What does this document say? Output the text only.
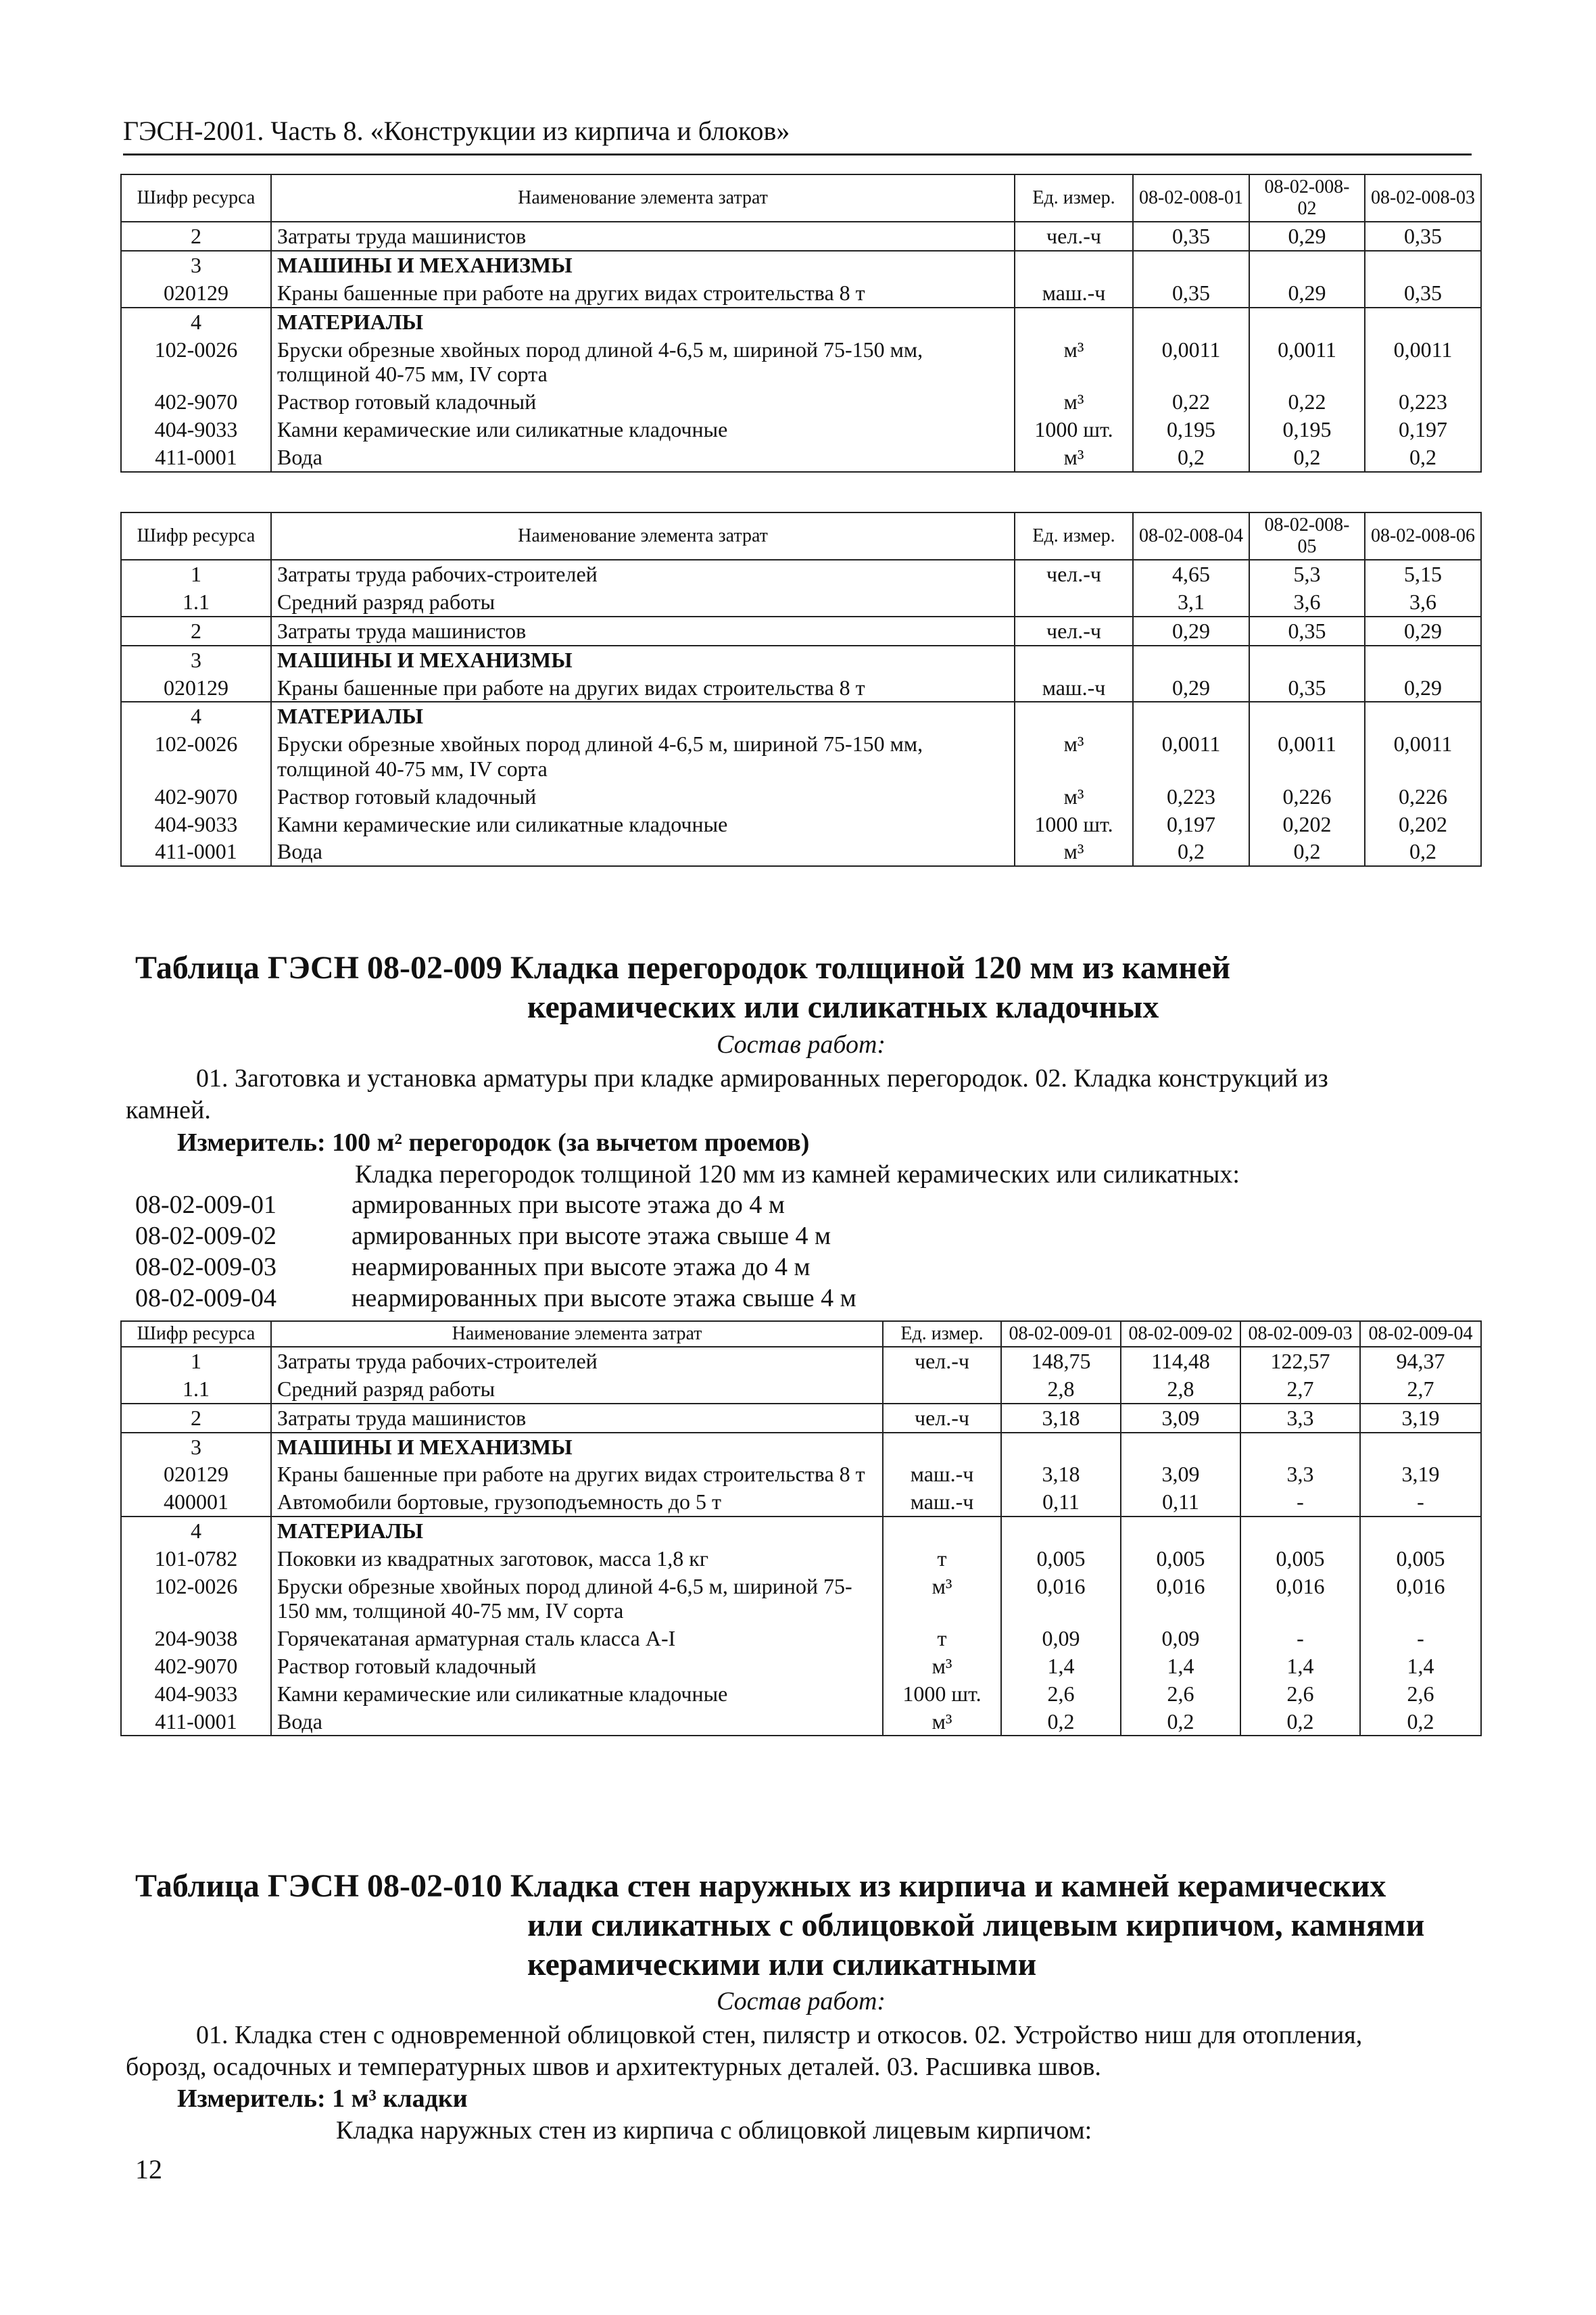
ГЭСН-2001. Часть 8. «Конструкции из кирпича и блоков»
Шифр ресурса	Наименование элемента затрат	Ед. измер.	08-02-008-01	08-02-008-02	08-02-008-03
2	Затраты труда машинистов	чел.-ч	0,35	0,29	0,35
3	МАШИНЫ И МЕХАНИЗМЫ				
020129	Краны башенные при работе на других видах строительства 8 т	маш.-ч	0,35	0,29	0,35
4	МАТЕРИАЛЫ				
102-0026	Бруски обрезные хвойных пород длиной 4-6,5 м, шириной 75-150 мм, толщиной 40-75 мм, IV сорта	м³	0,0011	0,0011	0,0011
402-9070	Раствор готовый кладочный	м³	0,22	0,22	0,223
404-9033	Камни керамические или силикатные кладочные	1000 шт.	0,195	0,195	0,197
411-0001	Вода	м³	0,2	0,2	0,2
Шифр ресурса	Наименование элемента затрат	Ед. измер.	08-02-008-04	08-02-008-05	08-02-008-06
1	Затраты труда рабочих-строителей	чел.-ч	4,65	5,3	5,15
1.1	Средний разряд работы		3,1	3,6	3,6
2	Затраты труда машинистов	чел.-ч	0,29	0,35	0,29
3	МАШИНЫ И МЕХАНИЗМЫ				
020129	Краны башенные при работе на других видах строительства 8 т	маш.-ч	0,29	0,35	0,29
4	МАТЕРИАЛЫ				
102-0026	Бруски обрезные хвойных пород длиной 4-6,5 м, шириной 75-150 мм, толщиной 40-75 мм, IV сорта	м³	0,0011	0,0011	0,0011
402-9070	Раствор готовый кладочный	м³	0,223	0,226	0,226
404-9033	Камни керамические или силикатные кладочные	1000 шт.	0,197	0,202	0,202
411-0001	Вода	м³	0,2	0,2	0,2
Таблица ГЭСН 08-02-009 Кладка перегородок толщиной 120 мм из камней
керамических или силикатных кладочных
Состав работ:
01. Заготовка и установка арматуры при кладке армированных перегородок. 02. Кладка конструкций из
камней.
Измеритель: 100 м² перегородок (за вычетом проемов)
Кладка перегородок толщиной 120 мм из камней керамических или силикатных:
08-02-009-01	армированных при высоте этажа до 4 м
08-02-009-02	армированных при высоте этажа свыше 4 м
08-02-009-03	неармированных при высоте этажа до 4 м
08-02-009-04	неармированных при высоте этажа свыше 4 м
Шифр ресурса	Наименование элемента затрат	Ед. измер.	08-02-009-01	08-02-009-02	08-02-009-03	08-02-009-04
1	Затраты труда рабочих-строителей	чел.-ч	148,75	114,48	122,57	94,37
1.1	Средний разряд работы		2,8	2,8	2,7	2,7
2	Затраты труда машинистов	чел.-ч	3,18	3,09	3,3	3,19
3	МАШИНЫ И МЕХАНИЗМЫ					
020129	Краны башенные при работе на других видах строительства 8 т	маш.-ч	3,18	3,09	3,3	3,19
400001	Автомобили бортовые, грузоподъемность до 5 т	маш.-ч	0,11	0,11	-	-
4	МАТЕРИАЛЫ					
101-0782	Поковки из квадратных заготовок, масса 1,8 кг	т	0,005	0,005	0,005	0,005
102-0026	Бруски обрезные хвойных пород длиной 4-6,5 м, шириной 75-150 мм, толщиной 40-75 мм, IV сорта	м³	0,016	0,016	0,016	0,016
204-9038	Горячекатаная арматурная сталь класса А-I	т	0,09	0,09	-	-
402-9070	Раствор готовый кладочный	м³	1,4	1,4	1,4	1,4
404-9033	Камни керамические или силикатные кладочные	1000 шт.	2,6	2,6	2,6	2,6
411-0001	Вода	м³	0,2	0,2	0,2	0,2
Таблица ГЭСН 08-02-010 Кладка стен наружных из кирпича и камней керамических
или силикатных с облицовкой лицевым кирпичом, камнями
керамическими или силикатными
Состав работ:
01. Кладка стен с одновременной облицовкой стен, пилястр и откосов. 02. Устройство ниш для отопления,
борозд, осадочных и температурных швов и архитектурных деталей. 03. Расшивка швов.
Измеритель: 1 м³ кладки
Кладка наружных стен из кирпича с облицовкой лицевым кирпичом:
12
